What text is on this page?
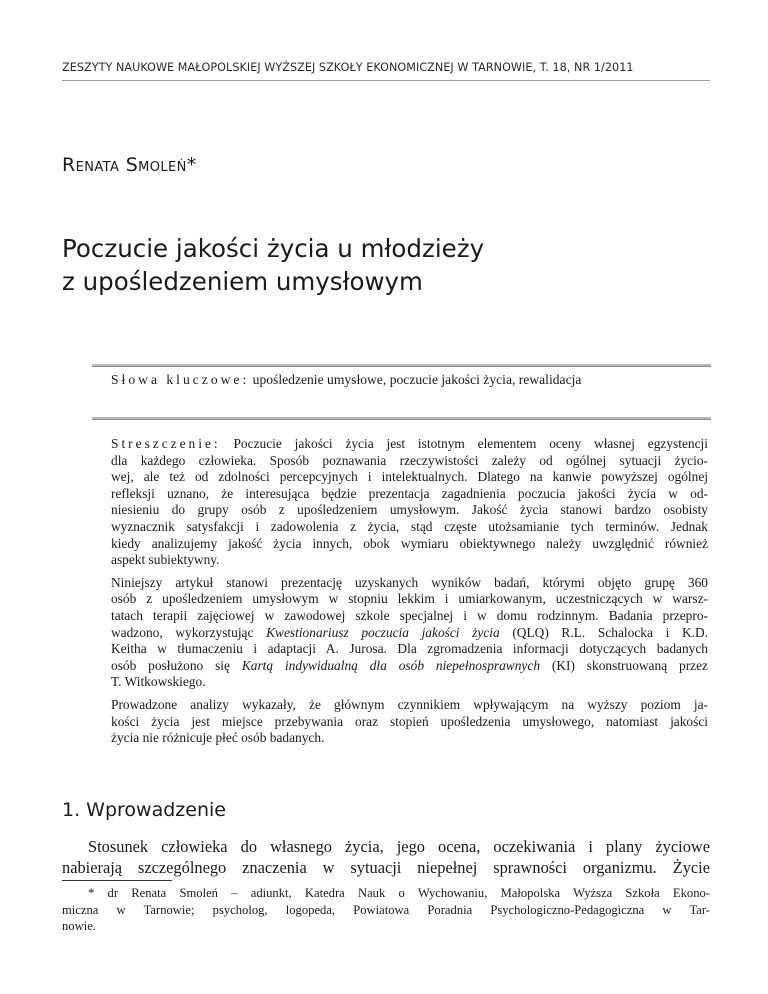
ZESZYTY NAUKOWE MAŁOPOLSKIEJ WYŻSZEJ SZKOŁY EKONOMICZNEJ W TARNOWIE, T. 18, NR 1/2011
Renata Smoleń*
Poczucie jakości życia u młodzieży
z upośledzeniem umysłowym
Słowa kluczowe: upośledzenie umysłowe, poczucie jakości życia, rewalidacja

Streszczenie: Poczucie jakości życia jest istotnym elementem oceny własnej egzystencji
dla każdego człowieka. Sposób poznawania rzeczywistości zależy od ogólnej sytuacji życio-
wej, ale też od zdolności percepcyjnych i intelektualnych. Dlatego na kanwie powyższej ogólnej
refleksji uznano, że interesująca będzie prezentacja zagadnienia poczucia jakości życia w od-
niesieniu do grupy osób z upośledzeniem umysłowym. Jakość życia stanowi bardzo osobisty
wyznacznik satysfakcji i zadowolenia z życia, stąd częste utożsamianie tych terminów. Jednak
kiedy analizujemy jakość życia innych, obok wymiaru obiektywnego należy uwzględnić również
aspekt subiektywny.

Niniejszy artykuł stanowi prezentację uzyskanych wyników badań, którymi objęto grupę 360
osób z upośledzeniem umysłowym w stopniu lekkim i umiarkowanym, uczestniczących w warsz-
tatach terapii zajęciowej w zawodowej szkole specjalnej i w domu rodzinnym. Badania przepro-
wadzono, wykorzystując Kwestionariusz poczucia jakości życia (QLQ) R.L. Schalocka i K.D.
Keitha w tłumaczeniu i adaptacji A. Jurosa. Dla zgromadzenia informacji dotyczących badanych
osób posłużono się Kartą indywidualną dla osób niepełnosprawnych (KI) skonstruowaną przez
T. Witkowskiego.

Prowadzone analizy wykazały, że głównym czynnikiem wpływającym na wyższy poziom ja-
kości życia jest miejsce przebywania oraz stopień upośledzenia umysłowego, natomiast jakości
życia nie różnicuje płeć osób badanych.

1. Wprowadzenie
Stosunek człowieka do własnego życia, jego ocena, oczekiwania i plany życiowe
nabierają szczególnego znaczenia w sytuacji niepełnej sprawności organizmu. Życie
* dr Renata Smoleń – adiunkt, Katedra Nauk o Wychowaniu, Małopolska Wyższa Szkoła Ekono-
miczna w Tarnowie; psycholog, logopeda, Powiatowa Poradnia Psychologiczno-Pedagogiczna w Tar-
nowie.
